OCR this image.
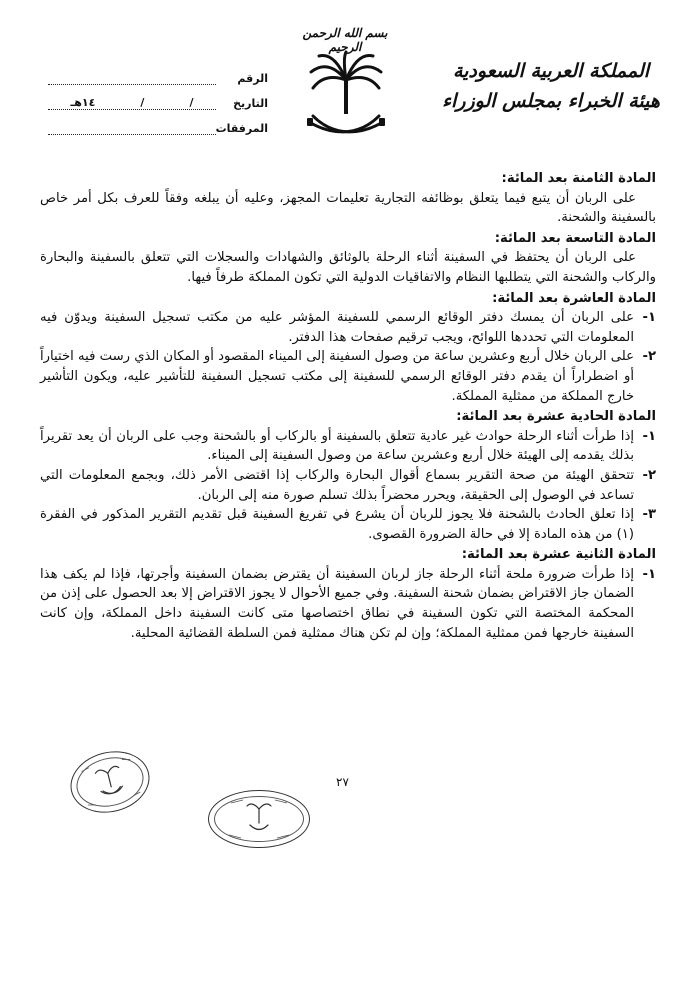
بسم الله الرحمن الرحيم
المملكة العربية السعودية
هيئة الخبراء بمجلس الوزراء
الرقم
التاريخ
/
/
١٤هـ
المرفقات
المادة الثامنة بعد المائة:
على الربان أن يتبع فيما يتعلق بوظائفه التجارية تعليمات المجهز، وعليه أن يبلغه وفقاً للعرف بكل أمر خاص بالسفينة والشحنة.
المادة التاسعة بعد المائة:
على الربان أن يحتفظ في السفينة أثناء الرحلة بالوثائق والشهادات والسجلات التي تتعلق بالسفينة والبحارة والركاب والشحنة التي يتطلبها النظام والاتفاقيات الدولية التي تكون المملكة طرفاً فيها.
المادة العاشرة بعد المائة:
١-
على الربان أن يمسك دفتر الوقائع الرسمي للسفينة المؤشر عليه من مكتب تسجيل السفينة ويدوّن فيه المعلومات التي تحددها اللوائح، ويجب ترقيم صفحات هذا الدفتر.
٢-
على الربان خلال أربع وعشرين ساعة من وصول السفينة إلى الميناء المقصود أو المكان الذي رست فيه اختياراً أو اضطراراً أن يقدم دفتر الوقائع الرسمي للسفينة إلى مكتب تسجيل السفينة للتأشير عليه، ويكون التأشير خارج المملكة من ممثلية المملكة.
المادة الحادية عشرة بعد المائة:
١-
إذا طرأت أثناء الرحلة حوادث غير عادية تتعلق بالسفينة أو بالركاب أو بالشحنة وجب على الربان أن يعد تقريراً بذلك يقدمه إلى الهيئة خلال أربع وعشرين ساعة من وصول السفينة إلى الميناء.
٢-
تتحقق الهيئة من صحة التقرير بسماع أقوال البحارة والركاب إذا اقتضى الأمر ذلك، وبجمع المعلومات التي تساعد في الوصول إلى الحقيقة، ويحرر محضراً بذلك تسلم صورة منه إلى الربان.
٣-
إذا تعلق الحادث بالشحنة فلا يجوز للربان أن يشرع في تفريغ السفينة قبل تقديم التقرير المذكور في الفقرة (١) من هذه المادة إلا في حالة الضرورة القصوى.
المادة الثانية عشرة بعد المائة:
١-
إذا طرأت ضرورة ملحة أثناء الرحلة جاز لربان السفينة أن يقترض بضمان السفينة وأجرتها، فإذا لم يكف هذا الضمان جاز الاقتراض بضمان شحنة السفينة. وفي جميع الأحوال لا يجوز الاقتراض إلا بعد الحصول على إذن من المحكمة المختصة التي تكون السفينة في نطاق اختصاصها متى كانت السفينة داخل المملكة، وإن كانت السفينة خارجها فمن ممثلية المملكة؛ وإن لم تكن هناك ممثلية فمن السلطة القضائية المحلية.
٢٧
